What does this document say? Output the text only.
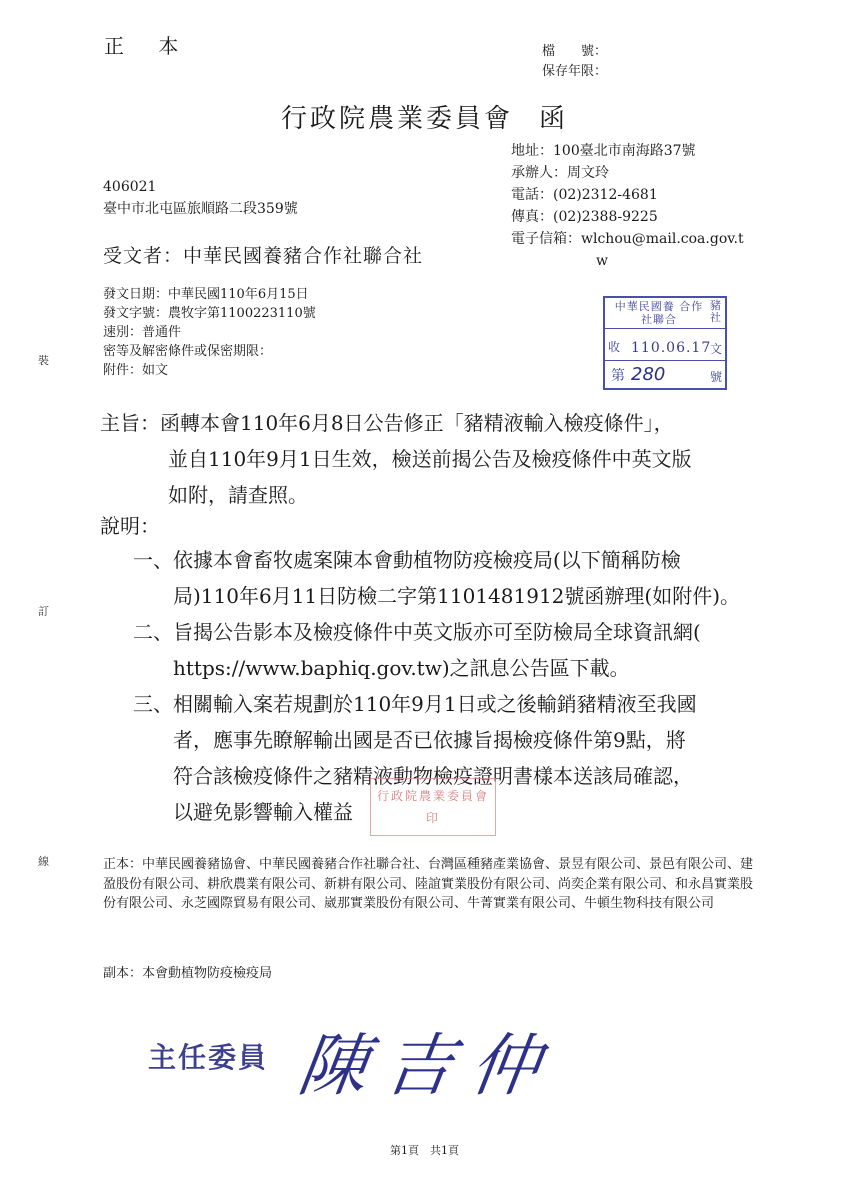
正 本	檔　　號：
保存年限：
行政院農業委員會 函
地址：100臺北市南海路37號
承辦人：周文玲
電話：(02)2312-4681
傳真：(02)2388-9225
電子信箱：wlchou@mail.coa.gov.t
w
406021
臺中市北屯區旅順路二段359號
受文者：中華民國養豬合作社聯合社
發文日期：中華民國110年6月15日
發文字號：農牧字第1100223110號
速別：普通件
密等及解密條件或保密期限：
附件：如文
中華民國養 合作社聯合
豬社
收 110.06.17
文
第 280	號
主旨：函轉本會110年6月8日公告修正「豬精液輸入檢疫條件」，
並自110年9月1日生效，檢送前揭公告及檢疫條件中英文版
如附，請查照。
說明：
一、依據本會畜牧處案陳本會動植物防疫檢疫局(以下簡稱防檢
局)110年6月11日防檢二字第1101481912號函辦理(如附件)。
二、旨揭公告影本及檢疫條件中英文版亦可至防檢局全球資訊網(
https://www.baphiq.gov.tw)之訊息公告區下載。
三、相關輸入案若規劃於110年9月1日或之後輸銷豬精液至我國
者，應事先瞭解輸出國是否已依據旨揭檢疫條件第9點，將
符合該檢疫條件之豬精液動物檢疫證明書樣本送該局確認，
以避免影響輸入權益
行政院農業委員會印
裝
訂
線	正本：中華民國養豬協會、中華民國養豬合作社聯合社、台灣區種豬產業協會、景昱有限公司、景邑有限公司、建盈股份有限公司、耕欣農業有限公司、新耕有限公司、陸誼實業股份有限公司、尚奕企業有限公司、和永昌實業股份有限公司、永芝國際貿易有限公司、崴那實業股份有限公司、牛菁實業有限公司、牛頓生物科技有限公司
副本：本會動植物防疫檢疫局
主任委員 陳吉仲
第1頁　共1頁
